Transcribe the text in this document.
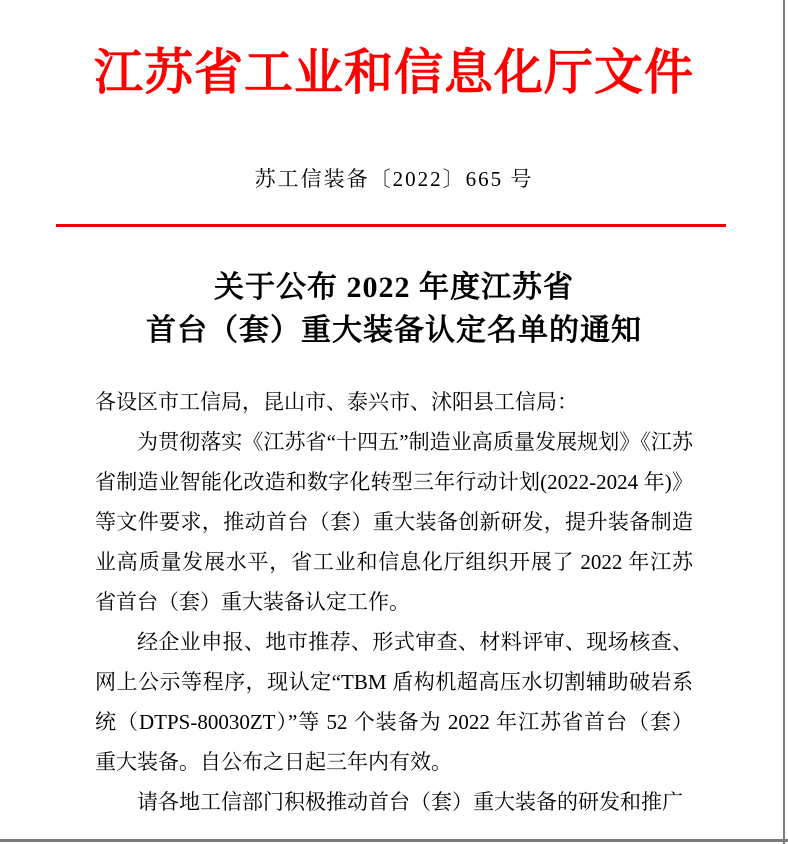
江苏省工业和信息化厅文件
苏工信装备〔2022〕665 号
关于公布 2022 年度江苏省
首台（套）重大装备认定名单的通知
各设区市工信局，昆山市、泰兴市、沭阳县工信局：
为贯彻落实《江苏省“十四五”制造业高质量发展规划》《江苏
省制造业智能化改造和数字化转型三年行动计划(2022-2024 年)》
等文件要求，推动首台（套）重大装备创新研发，提升装备制造
业高质量发展水平，省工业和信息化厅组织开展了 2022 年江苏
省首台（套）重大装备认定工作。
经企业申报、地市推荐、形式审查、材料评审、现场核查、
网上公示等程序，现认定“TBM 盾构机超高压水切割辅助破岩系
统（DTPS-80030ZT）”等 52 个装备为 2022 年江苏省首台（套）
重大装备。自公布之日起三年内有效。
请各地工信部门积极推动首台（套）重大装备的研发和推广
